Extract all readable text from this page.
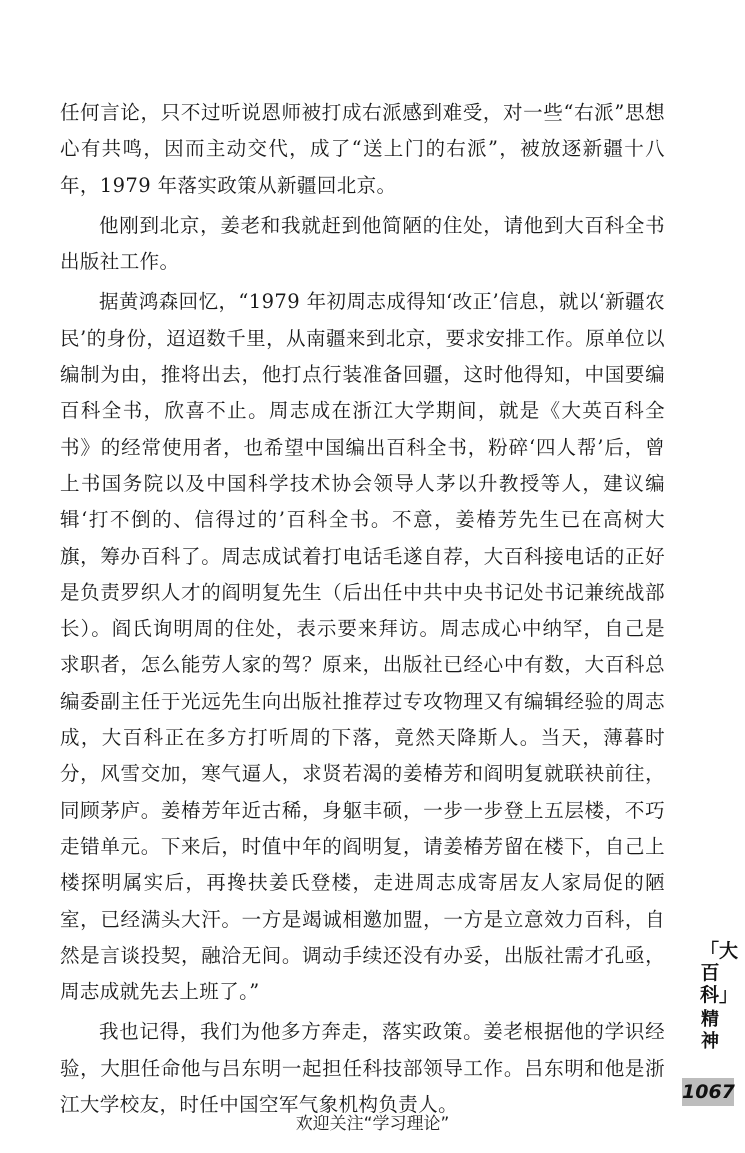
任何言论，只不过听说恩师被打成右派感到难受，对一些“右派”思想心有共鸣，因而主动交代，成了“送上门的右派”，被放逐新疆十八年，1979 年落实政策从新疆回北京。

他刚到北京，姜老和我就赶到他简陋的住处，请他到大百科全书出版社工作。

据黄鸿森回忆，“1979 年初周志成得知‘改正’信息，就以‘新疆农民’的身份，迢迢数千里，从南疆来到北京，要求安排工作。原单位以编制为由，推将出去，他打点行装准备回疆，这时他得知，中国要编百科全书，欣喜不止。周志成在浙江大学期间，就是《大英百科全书》的经常使用者，也希望中国编出百科全书，粉碎‘四人帮’后，曾上书国务院以及中国科学技术协会领导人茅以升教授等人，建议编辑‘打不倒的、信得过的’百科全书。不意，姜椿芳先生已在高树大旗，筹办百科了。周志成试着打电话毛遂自荐，大百科接电话的正好是负责罗织人才的阎明复先生（后出任中共中央书记处书记兼统战部长）。阎氏询明周的住处，表示要来拜访。周志成心中纳罕，自己是求职者，怎么能劳人家的驾？原来，出版社已经心中有数，大百科总编委副主任于光远先生向出版社推荐过专攻物理又有编辑经验的周志成，大百科正在多方打听周的下落，竟然天降斯人。当天，薄暮时分，风雪交加，寒气逼人，求贤若渴的姜椿芳和阎明复就联袂前往，同顾茅庐。姜椿芳年近古稀，身躯丰硕，一步一步登上五层楼，不巧走错单元。下来后，时值中年的阎明复，请姜椿芳留在楼下，自己上楼探明属实后，再搀扶姜氏登楼，走进周志成寄居友人家局促的陋室，已经满头大汗。一方是竭诚相邀加盟，一方是立意效力百科，自然是言谈投契，融洽无间。调动手续还没有办妥，出版社需才孔亟，周志成就先去上班了。”

我也记得，我们为他多方奔走，落实政策。姜老根据他的学识经验，大胆任命他与吕东明一起担任科技部领导工作。吕东明和他是浙江大学校友，时任中国空军气象机构负责人。

「大百科」
精神
1067
欢迎关注“学习理论”
